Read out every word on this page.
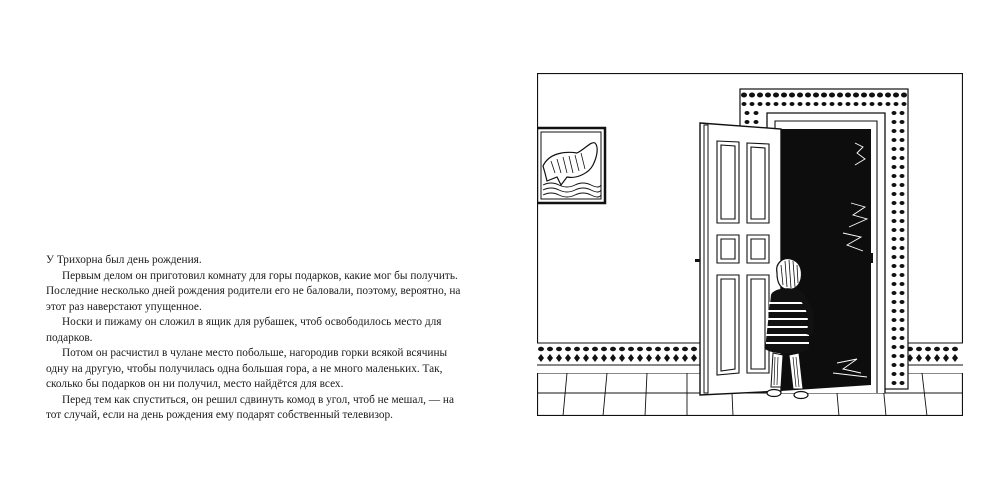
У Трихорна был день рождения.

Первым делом он приготовил комнату для горы подарков, какие мог бы получить. Последние несколько дней рождения родители его не баловали, поэтому, вероятно, на этот раз наверстают упущенное.

Носки и пижаму он сложил в ящик для рубашек, чтоб освободилось место для подарков.

Потом он расчистил в чулане место побольше, нагородив горки всякой всячины одну на другую, чтобы получилась одна большая гора, а не много маленьких. Так, сколько бы подарков он ни получил, место найдётся для всех.

Перед тем как спуститься, он решил сдвинуть комод в угол, чтоб не мешал, — на тот случай, если на день рождения ему подарят собственный телевизор.
